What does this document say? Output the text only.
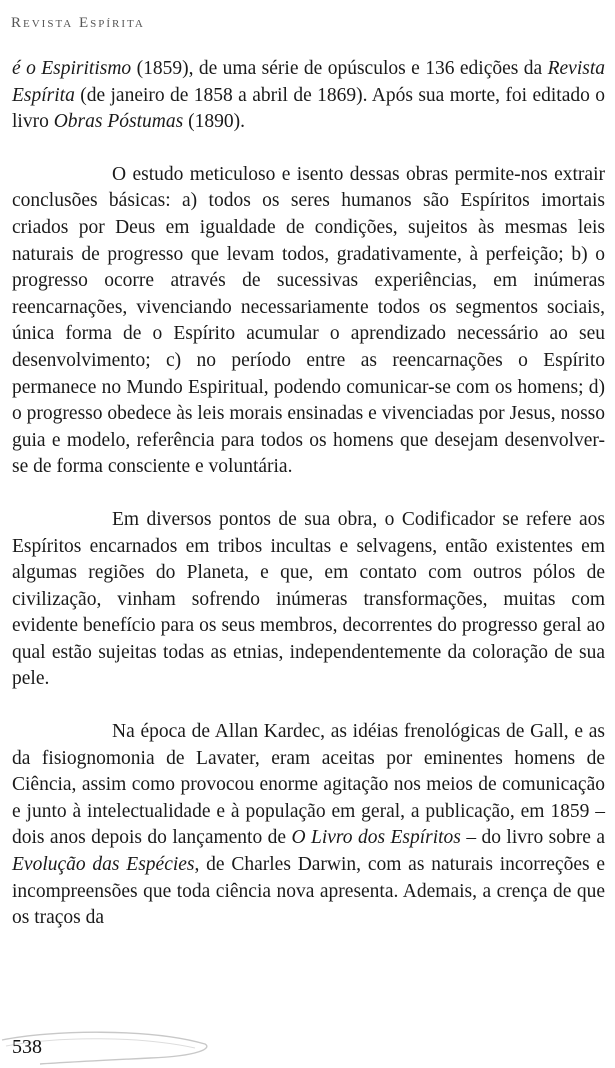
Revista Espírita

é o Espiritismo (1859), de uma série de opúsculos e 136 edições da Revista Espírita (de janeiro de 1858 a abril de 1869). Após sua morte, foi editado o livro Obras Póstumas (1890).

O estudo meticuloso e isento dessas obras permite-nos extrair conclusões básicas: a) todos os seres humanos são Espíritos imortais criados por Deus em igualdade de condições, sujeitos às mesmas leis naturais de progresso que levam todos, gradativamente, à perfeição; b) o progresso ocorre através de sucessivas experiências, em inúmeras reencarnações, vivenciando necessariamente todos os segmentos sociais, única forma de o Espírito acumular o aprendizado necessário ao seu desenvolvimento; c) no período entre as reencarnações o Espírito permanece no Mundo Espiritual, podendo comunicar-se com os homens; d) o progresso obedece às leis morais ensinadas e vivenciadas por Jesus, nosso guia e modelo, referência para todos os homens que desejam desenvolver-se de forma consciente e voluntária.

Em diversos pontos de sua obra, o Codificador se refere aos Espíritos encarnados em tribos incultas e selvagens, então existentes em algumas regiões do Planeta, e que, em contato com outros pólos de civilização, vinham sofrendo inúmeras transformações, muitas com evidente benefício para os seus membros, decorrentes do progresso geral ao qual estão sujeitas todas as etnias, independentemente da coloração de sua pele.

Na época de Allan Kardec, as idéias frenológicas de Gall, e as da fisiognomonia de Lavater, eram aceitas por eminentes homens de Ciência, assim como provocou enorme agitação nos meios de comunicação e junto à intelectualidade e à população em geral, a publicação, em 1859 – dois anos depois do lançamento de O Livro dos Espíritos – do livro sobre a Evolução das Espécies, de Charles Darwin, com as naturais incorreções e incompreensões que toda ciência nova apresenta. Ademais, a crença de que os traços da

538
